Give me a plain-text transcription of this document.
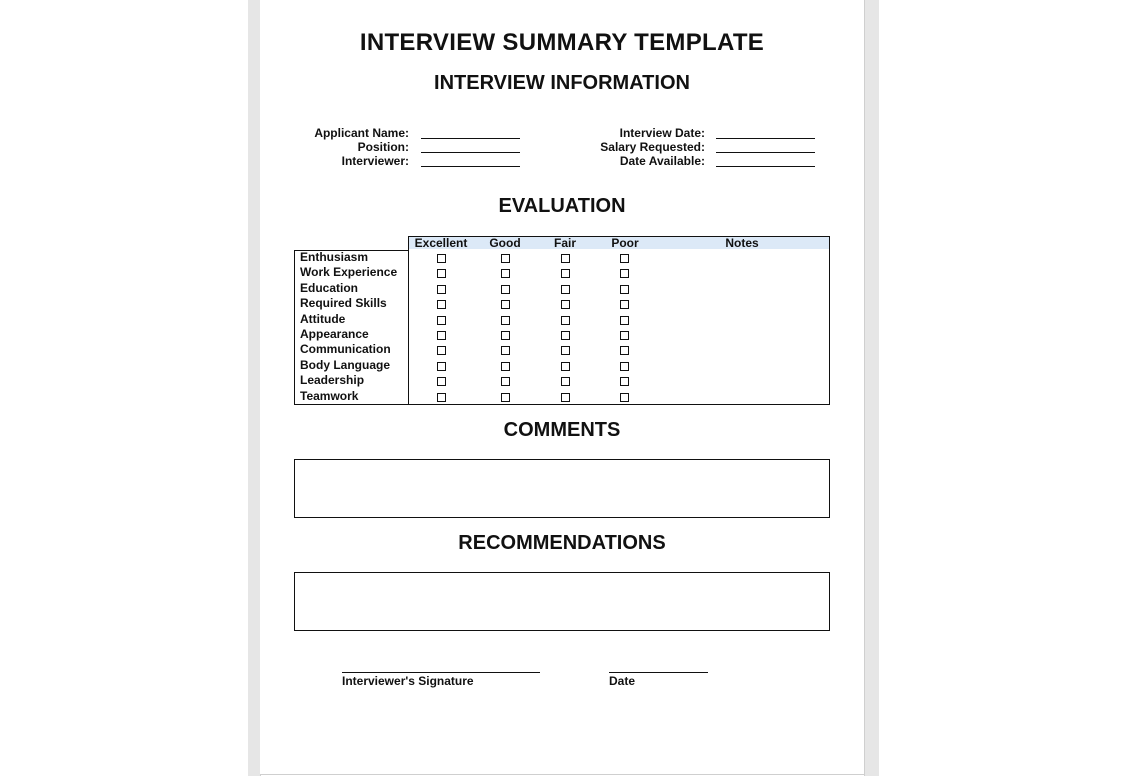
INTERVIEW SUMMARY TEMPLATE
INTERVIEW INFORMATION
Applicant Name:
Position:
Interviewer:
Interview Date:
Salary Requested:
Date Available:
EVALUATION
Excellent	Good	Fair	Poor	Notes
Enthusiasm
Work Experience
Education
Required Skills
Attitude
Appearance
Communication
Body Language
Leadership
Teamwork
COMMENTS
RECOMMENDATIONS
Interviewer's Signature	Date
